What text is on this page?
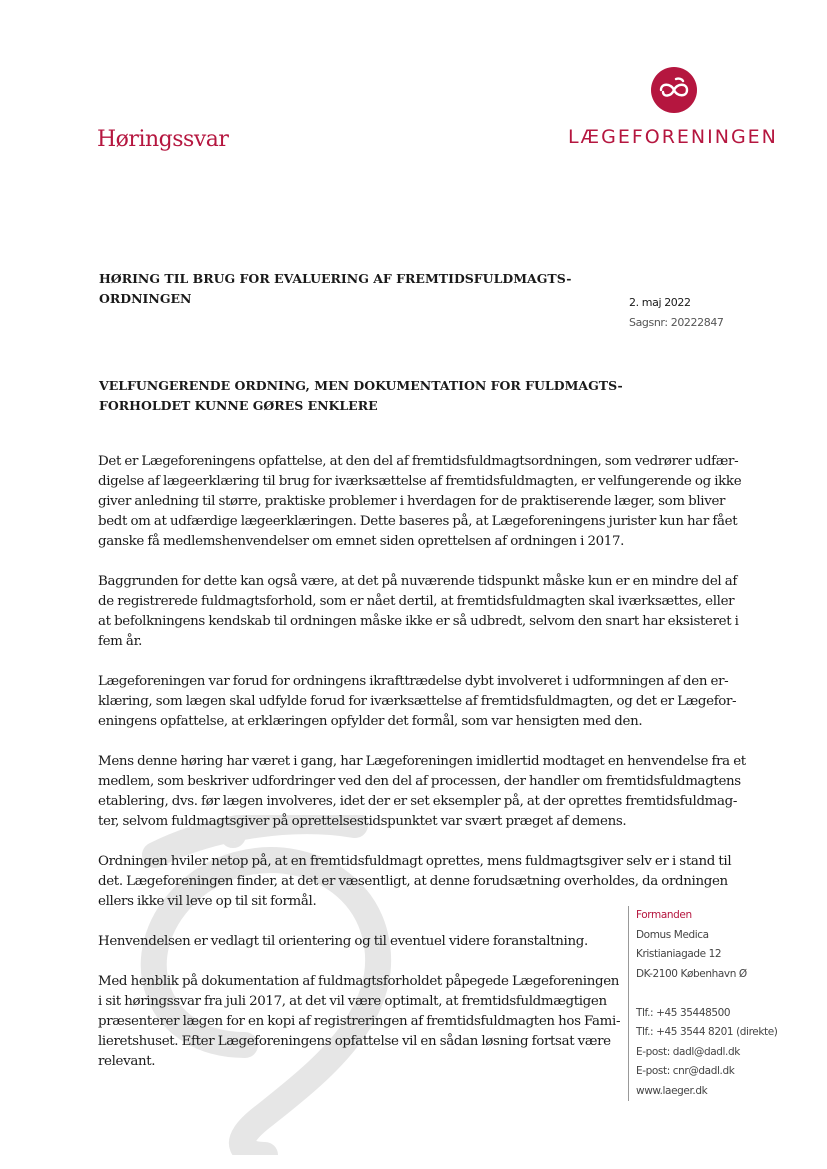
Høringssvar	LÆGEFORENINGEN
HØRING TIL BRUG FOR EVALUERING AF FREMTIDSFULDMAGTS-
ORDNINGEN	2. maj 2022
Sagsnr: 20222847
VELFUNGERENDE ORDNING, MEN DOKUMENTATION FOR FULDMAGTS-
FORHOLDET KUNNE GØRES ENKLERE

Det er Lægeforeningens opfattelse, at den del af fremtidsfuldmagtsordningen, som vedrører udfær-

digelse af lægeerklæring til brug for iværksættelse af fremtidsfuldmagten, er velfungerende og ikke

giver anledning til større, praktiske problemer i hverdagen for de praktiserende læger, som bliver

bedt om at udfærdige lægeerklæringen. Dette baseres på, at Lægeforeningens jurister kun har fået

ganske få medlemshenvendelser om emnet siden oprettelsen af ordningen i 2017.

Baggrunden for dette kan også være, at det på nuværende tidspunkt måske kun er en mindre del af

de registrerede fuldmagtsforhold, som er nået dertil, at fremtidsfuldmagten skal iværksættes, eller

at befolkningens kendskab til ordningen måske ikke er så udbredt, selvom den snart har eksisteret i

fem år.

Lægeforeningen var forud for ordningens ikrafttrædelse dybt involveret i udformningen af den er-

klæring, som lægen skal udfylde forud for iværksættelse af fremtidsfuldmagten, og det er Lægefor-

eningens opfattelse, at erklæringen opfylder det formål, som var hensigten med den.

Mens denne høring har været i gang, har Lægeforeningen imidlertid modtaget en henvendelse fra et

medlem, som beskriver udfordringer ved den del af processen, der handler om fremtidsfuldmagtens

etablering, dvs. før lægen involveres, idet der er set eksempler på, at der oprettes fremtidsfuldmag-

ter, selvom fuldmagtsgiver på oprettelsestidspunktet var svært præget af demens.

Ordningen hviler netop på, at en fremtidsfuldmagt oprettes, mens fuldmagtsgiver selv er i stand til

det. Lægeforeningen finder, at det er væsentligt, at denne forudsætning overholdes, da ordningen

ellers ikke vil leve op til sit formål.

Henvendelsen er vedlagt til orientering og til eventuel videre foranstaltning.

Med henblik på dokumentation af fuldmagtsforholdet påpegede Lægeforeningen

i sit høringssvar fra juli 2017, at det vil være optimalt, at fremtidsfuldmægtigen

præsenterer lægen for en kopi af registreringen af fremtidsfuldmagten hos Fami-

lieretshuset. Efter Lægeforeningens opfattelse vil en sådan løsning fortsat være

relevant.

Formanden
Domus Medica
Kristianiagade 12
DK-2100 København Ø
Tlf.: +45 35448500
Tlf.: +45 3544 8201 (direkte)
E-post: dadl@dadl.dk
E-post: cnr@dadl.dk
www.laeger.dk
